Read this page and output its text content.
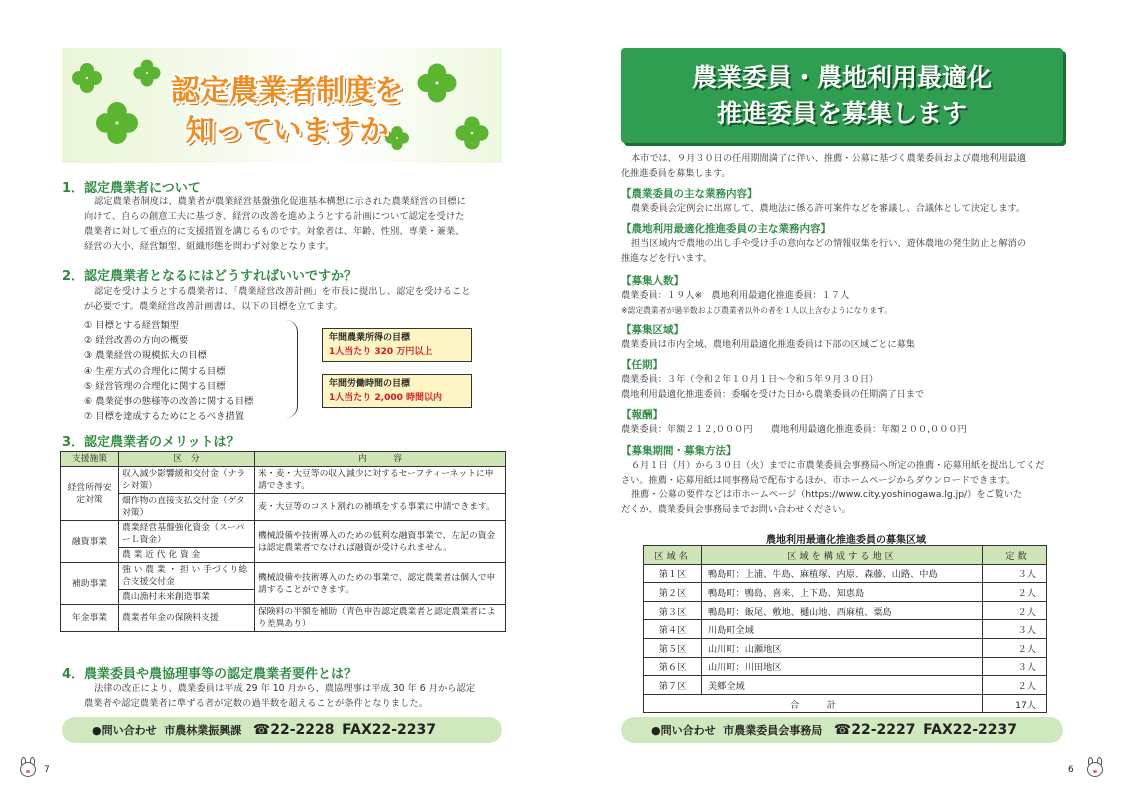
認定農業者制度を
知っていますか
1．認定農業者について
認定農業者制度は、農業者が農業経営基盤強化促進基本構想に示された農業経営の目標に
向けて、自らの創意工夫に基づき、経営の改善を進めようとする計画について認定を受けた
農業者に対して重点的に支援措置を講じるものです。対象者は、年齢、性別、専業・兼業、
経営の大小、経営類型、組織形態を問わず対象となります。
2．認定農業者となるにはどうすればいいですか？
認定を受けようとする農業者は、「農業経営改善計画」を市長に提出し、認定を受けること
が必要です。農業経営改善計画書は、以下の目標を立てます。
① 目標とする経営類型
② 経営改善の方向の概要
③ 農業経営の規模拡大の目標
④ 生産方式の合理化に関する目標
⑤ 経営管理の合理化に関する目標
⑥ 農業従事の態様等の改善に関する目標
⑦ 目標を達成するためにとるべき措置
年間農業所得の目標
1人当たり 320 万円以上
年間労働時間の目標
1人当たり 2,000 時間以内
3．認定農業者のメリットは？
支援施策	区　分	内　　　容
経営所得安定対策	収入減少影響緩和交付金（ナラシ対策）	米・麦・大豆等の収入減少に対するセーフティーネットに申請できます。
	畑作物の直接支払交付金（ゲタ対策）	麦・大豆等のコスト割れの補填をする事業に申請できます。
融資事業	農業経営基盤強化資金（スーパーＬ資金）	機械設備や技術導入のための低利な融資事業で、左記の資金は認定農業者でなければ融資が受けられません。
	農 業 近 代 化 資 金	
補助事業	強 い 農 業 ・ 担 い 手づくり総合支援交付金	機械設備や技術導入のための事業で、認定農業者は個人で申請することができます。
	農山漁村未来創造事業	
年金事業	農業者年金の保険料支援	保険料の半額を補助（青色申告認定農業者と認定農業者により差異あり）
4．農業委員や農協理事等の認定農業者要件とは？
法律の改正により、農業委員は平成 29 年 10 月から、農協理事は平成 30 年 6 月から認定
農業者や認定農業者に準ずる者が定数の過半数を超えることが条件となりました。
●問い合わせ 市農林業振興課 ☎22-2228 FAX22-2237
7
農業委員・農地利用最適化
推進委員を募集します
本市では、９月３０日の任用期間満了に伴い、推薦・公募に基づく農業委員および農地利用最適
化推進委員を募集します。
【農業委員の主な業務内容】
農業委員会定例会に出席して、農地法に係る許可案件などを審議し、合議体として決定します。
【農地利用最適化推進委員の主な業務内容】
担当区域内で農地の出し手や受け手の意向などの情報収集を行い、遊休農地の発生防止と解消の
推進などを行います。
【募集人数】
農業委員：１９人※　農地利用最適化推進委員：１７人
※認定農業者が過半数および農業者以外の者を１人以上含むようになります。
【募集区域】
農業委員は市内全域、農地利用最適化推進委員は下部の区域ごとに募集
【任期】
農業委員：３年（令和２年１０月１日～令和５年９月３０日）
農地利用最適化推進委員：委嘱を受けた日から農業委員の任期満了日まで
【報酬】
農業委員：年額２１２,０００円　　農地利用最適化推進委員：年額２００,０００円
【募集期間・募集方法】
６月１日（月）から３０日（火）までに市農業委員会事務局へ所定の推薦・応募用紙を提出してくだ
さい。推薦・応募用紙は同事務局で配布するほか、市ホームページからダウンロードできます。
推薦・公募の要件などは市ホームページ（https://www.city.yoshinogawa.lg.jp/）をご覧いた
だくか、農業委員会事務局までお問い合わせください。
農地利用最適化推進委員の募集区域
区域名	区域を構成する地区	定数
第１区	鴨島町：上浦、牛島、麻植塚、内原、森藤、山路、中島	３人
第２区	鴨島町：鴨島、喜来、上下島、知恵島	２人
第３区	鴨島町：飯尾、敷地、樋山地、西麻植、粟島	２人
第４区	川島町全域	３人
第５区	山川町：山瀬地区	２人
第６区	山川町：川田地区	３人
第７区	美郷全域	２人
合　　　計		17人
●問い合わせ 市農業委員会事務局 ☎22-2227 FAX22-2237
6
